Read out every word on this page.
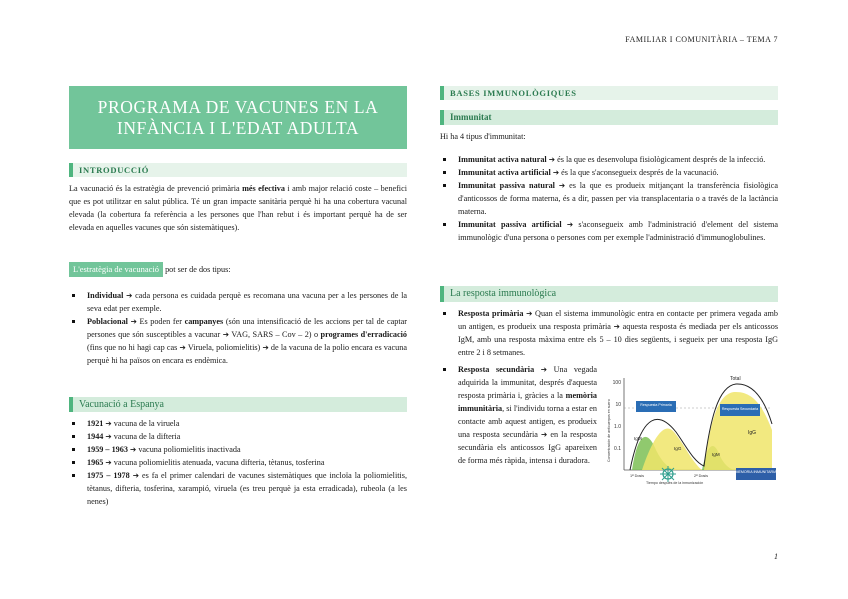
FAMILIAR I COMUNITÀRIA – TEMA 7
PROGRAMA DE VACUNES EN LA
INFÀNCIA I L'EDAT ADULTA
INTRODUCCIÓ
La vacunació és la estratègia de prevenció primària més efectiva i amb major relació coste – benefici que es pot utilitzar en salut pública. Té un gran impacte sanitària perquè hi ha una cobertura vacunal elevada (la cobertura fa referència a les persones que l'han rebut i és important perquè ha de ser elevada en aquelles vacunes que són sistemàtiques).
L'estratègia de vacunació pot ser de dos tipus:
Individual ➔ cada persona es cuidada perquè es recomana una vacuna per a les persones de la seva edat per exemple.
Poblacional ➔ Es poden fer campanyes (són una intensificació de les accions per tal de captar persones que són susceptibles a vacunar ➔ VAG, SARS – Cov – 2) o programes d'erradicació (fins que no hi hagi cap cas ➔ Viruela, poliomielitis) ➔ de la vacuna de la polio encara es vacuna perquè hi ha països on encara es endèmica.
Vacunació a Espanya
1921 ➔ vacuna de la viruela
1944 ➔ vacuna de la difteria
1959 – 1963 ➔ vacuna poliomielitis inactivada
1965 ➔ vacuna poliomielitis atenuada, vacuna difteria, tètanus, tosferina
1975 – 1978 ➔ es fa el primer calendari de vacunes sistemàtiques que incloïa la poliomielitis, tètanus, difteria, tosferina, xarampió, viruela (es treu perquè ja esta erradicada), rubeola (a les nenes)
BASES IMMUNOLÒGIQUES
Immunitat
Hi ha 4 tipus d'immunitat:
Immunitat activa natural ➔ és la que es desenvolupa fisiològicament després de la infecció.
Immunitat activa artificial ➔ és la que s'aconsegueix després de la vacunació.
Immunitat passiva natural ➔ es la que es produeix mitjançant la transferència fisiològica d'anticossos de forma materna, és a dir, passen per via transplacentaria o a través de la lactància materna.
Immunitat passiva artificial ➔ s'aconsegueix amb l'administració d'element del sistema immunològic d'una persona o persones com per exemple l'administració d'immunoglobulines.
La resposta immunològica
Resposta primària ➔ Quan el sistema immunològic entra en contacte per primera vegada amb un antigen, es produeix una resposta primària ➔ aquesta resposta és mediada per els anticossos IgM, amb una resposta màxima entre els 5 – 10 dies següents, i segueix per una resposta IgG entre 2 i 8 setmanes.
Resposta secundària ➔ Una vegada adquirida la immunitat, després d'aquesta resposta primària i, gràcies a la memòria immunitària, si l'individu torna a estar en contacte amb aquest antigen, es produeix una resposta secundària ➔ en la resposta secundària els anticossos IgG apareixen de forma més ràpida, intensa i duradora.
100
10
1.0
0.1
Concentración de anticuerpos en suero
Total
IgM
IgG
IgM
IgG
Respuesta Primaria
Respuesta Secundaria
1ª Dosis	2ª Dosis
Tiempo después de la inmunización
MEMORIA INMUNITARIA
1
